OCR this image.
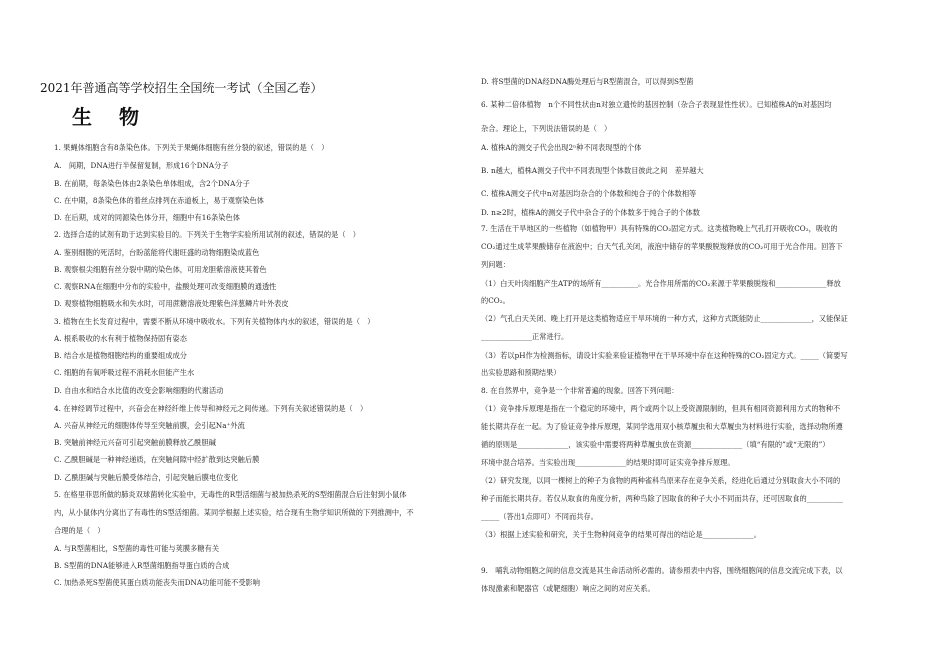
2021年普通高等学校招生全国统一考试（全国乙卷）
生 物
1. 果蝇体细胞含有8条染色体。下列关于果蝇体细胞有丝分裂的叙述，错误的是（　）
A.　间期，DNA进行半保留复制，形成16个DNA分子
B. 在前期，每条染色体由2条染色单体组成，含2个DNA分子
C. 在中期，8条染色体的着丝点排列在赤道板上，易于观察染色体
D. 在后期，成对的同源染色体分开，细胞中有16条染色体
2. 选择合适的试剂有助于达到实验目的。下列关于生物学实验所用试剂的叙述，错误的是（　）
A. 鉴别细胞的死活时，台盼蓝能将代谢旺盛的动物细胞染成蓝色
B. 观察根尖细胞有丝分裂中期的染色体，可用龙胆紫溶液使其着色
C. 观察RNA在细胞中分布的实验中，盐酸处理可改变细胞膜的通透性
D. 观察植物细胞吸水和失水时，可用蔗糖溶液处理紫色洋葱鳞片叶外表皮
3. 植物在生长发育过程中，需要不断从环境中吸收水。下列有关植物体内水的叙述，错误的是（　）
A. 根系吸收的水有利于植物保持固有姿态
B. 结合水是植物细胞结构的重要组成成分
C. 细胞的有氧呼吸过程不消耗水但能产生水
D. 自由水和结合水比值的改变会影响细胞的代谢活动
4. 在神经调节过程中，兴奋会在神经纤维上传导和神经元之间传递。下列有关叙述错误的是（　）
A. 兴奋从神经元的细胞体传导至突触前膜，会引起Na⁺外流
B. 突触前神经元兴奋可引起突触前膜释放乙酰胆碱
C. 乙酰胆碱是一种神经递质，在突触间隙中经扩散到达突触后膜
D. 乙酰胆碱与突触后膜受体结合，引起突触后膜电位变化
5. 在格里菲思所做的肺炎双球菌转化实验中，无毒性的R型活细菌与被加热杀死的S型细菌混合后注射到小鼠体
内，从小鼠体内分离出了有毒性的S型活细菌。某同学根据上述实验，结合现有生物学知识所做的下列推测中，不
合理的是（　）
A. 与R型菌相比，S型菌的毒性可能与荚膜多糖有关
B. S型菌的DNA能够进入R型菌细胞指导蛋白质的合成
C. 加热杀死S型菌使其蛋白质功能丧失而DNA功能可能不受影响
D. 将S型菌的DNA经DNA酶处理后与R型菌混合，可以得到S型菌
6. 某种二倍体植物　n个不同性状由n对独立遗传的基因控制（杂合子表现显性性状）。已知植株A的n对基因均
杂合。理论上，下列说法错误的是（　）
A. 植株A的测交子代会出现2ⁿ种不同表现型的个体
B. n越大，植株A测交子代中不同表现型个体数目彼此之间　差异越大
C. 植株A测交子代中n对基因均杂合的个体数和纯合子的个体数相等
D. n≥2时，植株A的测交子代中杂合子的个体数多于纯合子的个体数
7. 生活在干旱地区的一些植物（如植物甲）具有特殊的CO₂固定方式。这类植物晚上气孔打开吸收CO₂，吸收的
CO₂通过生成苹果酸储存在液泡中；白天气孔关闭，液泡中储存的苹果酸脱羧释放的CO₂可用于光合作用。回答下
列问题：
（1）白天叶肉细胞产生ATP的场所有__________。光合作用所需的CO₂来源于苹果酸脱羧和______________释放
的CO₂。
（2）气孔白天关闭、晚上打开是这类植物适应干旱环境的一种方式，这种方式既能防止______________，又能保证
______________正常进行。
（3）若以pH作为检测指标，请设计实验来验证植物甲在干旱环境中存在这种特殊的CO₂固定方式。_____（简要写
出实验思路和预期结果）
8. 在自然界中，竞争是一个非常普遍的现象。回答下列问题：
（1）竞争排斥原理是指在一个稳定的环境中，两个或两个以上受资源限制的，但具有相同资源利用方式的物种不
能长期共存在一起。为了验证竞争排斥原理，某同学选用双小核草履虫和大草履虫为材料进行实验，选择动物所遵
循的原则是______________，该实验中需要将两种草履虫放在资源______________（填“有限的”或“无限的”）
环境中混合培养。当实验出现______________的结果时即可证实竞争排斥原理。
（2）研究发现，以同一棵树上的种子为食物的两种雀科鸟原来存在竞争关系，经进化后通过分别取食大小不同的
种子而能长期共存。若仅从取食的角度分析，两种鸟除了因取食的种子大小不同而共存，还可因取食的__________
_____（答出1点即可）不同而共存。
（3）根据上述实验和研究，关于生物种间竞争的结果可得出的结论是______________。
9.　哺乳动物细胞之间的信息交流是其生命活动所必需的。请参照表中内容，围绕细胞间的信息交流完成下表，以
体现激素和靶器官（或靶细胞）响应之间的对应关系。
